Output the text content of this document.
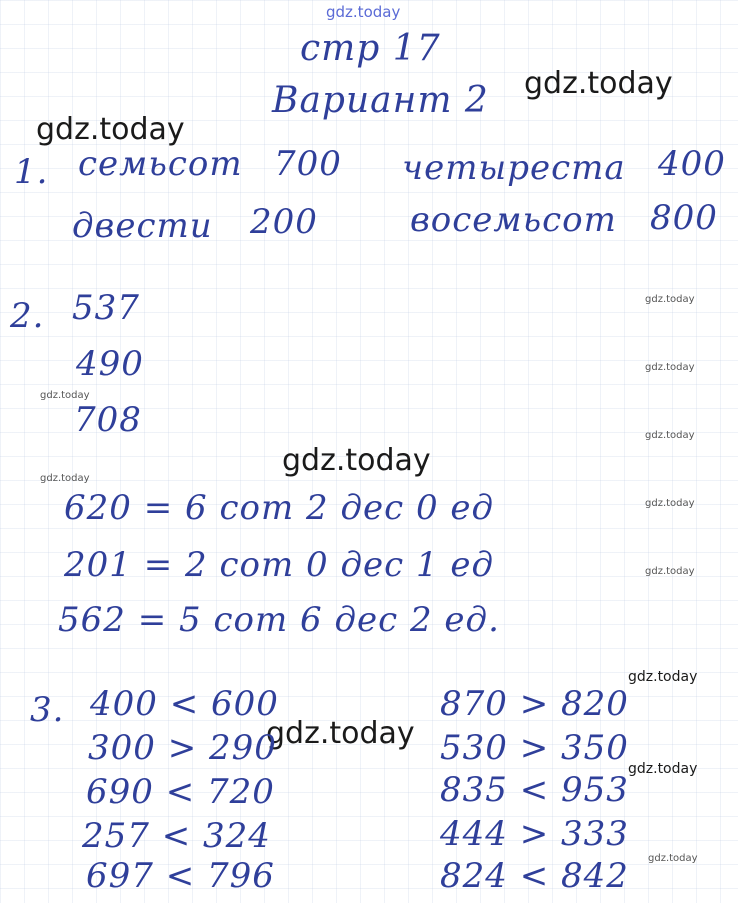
gdz.today
gdz.today
gdz.today
gdz.today
gdz.today
gdz.today
gdz.today
gdz.today
gdz.today
gdz.today
gdz.today
gdz.today
gdz.today
gdz.today
gdz.today
стр 17
Вариант 2
1. семьсот 700 четыреста 400
двести 200	восемьсот 800
2. 537
490
708
620 = 6 сот 2 дес 0 ед
201 = 2 сот 0 дес 1 ед
562 = 5 сот 6 дес 2 ед.
3. 400 < 600
300 > 290
690 < 720
257 < 324
697 < 796
870 > 820
530 > 350
835 < 953
444 > 333
824 < 842
